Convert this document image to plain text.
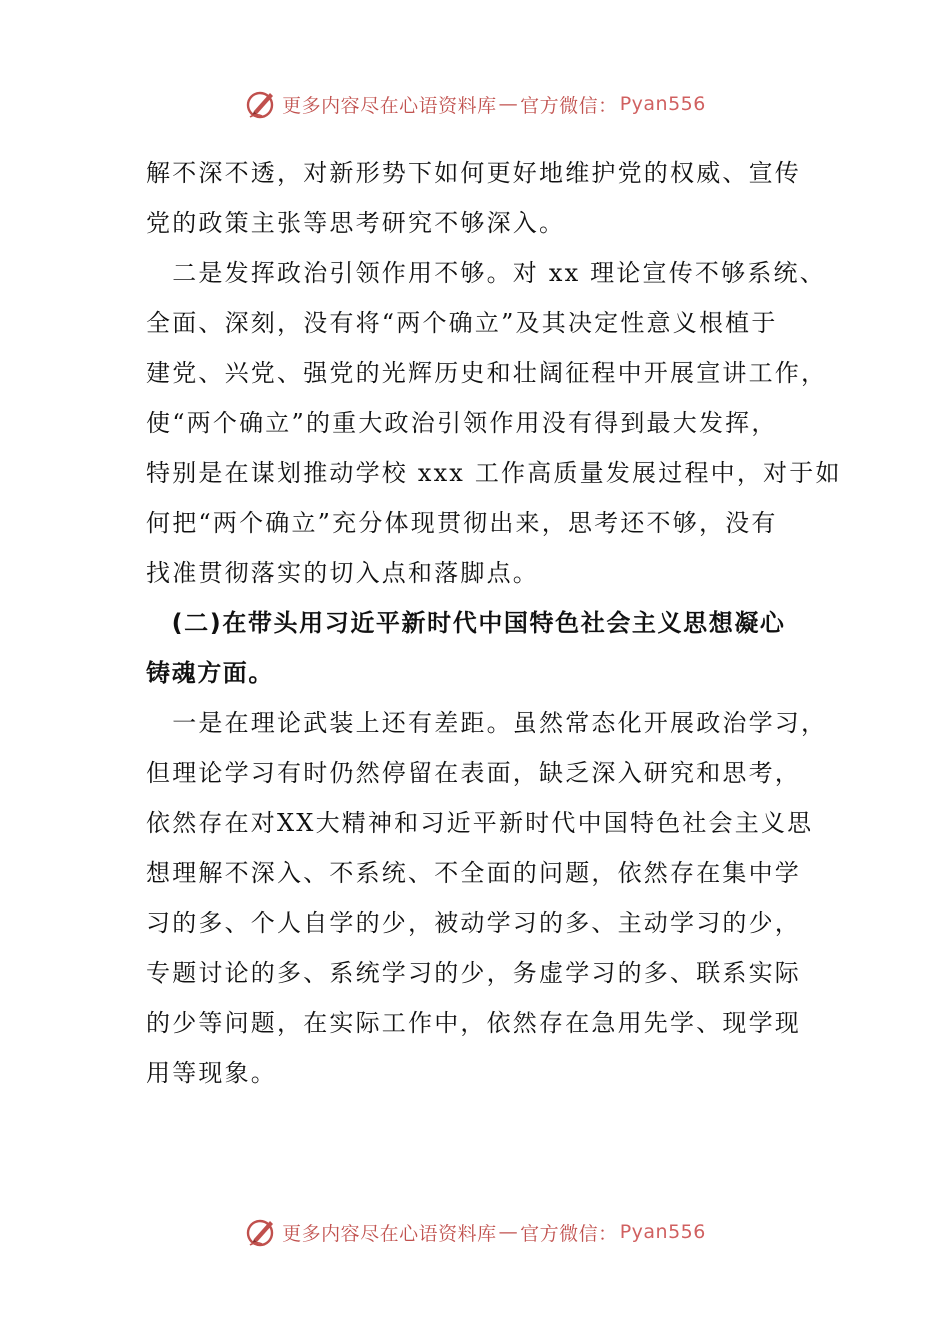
更多内容尽在心语资料库 — 官方微信： Pyan556

解不深不透，对新形势下如何更好地维护党的权威、宣传
党的政策主张等思考研究不够深入。

　二是发挥政治引领作用不够。对 xx 理论宣传不够系统、
全面、深刻，没有将“两个确立”及其决定性意义根植于
建党、兴党、强党的光辉历史和壮阔征程中开展宣讲工作，
使“两个确立”的重大政治引领作用没有得到最大发挥，
特别是在谋划推动学校 xxx 工作高质量发展过程中，对于如
何把“两个确立”充分体现贯彻出来，思考还不够，没有
找准贯彻落实的切入点和落脚点。

　(二)在带头用习近平新时代中国特色社会主义思想凝心
铸魂方面。

　一是在理论武装上还有差距。虽然常态化开展政治学习，
但理论学习有时仍然停留在表面，缺乏深入研究和思考，
依然存在对XX大精神和习近平新时代中国特色社会主义思
想理解不深入、不系统、不全面的问题，依然存在集中学
习的多、个人自学的少，被动学习的多、主动学习的少，
专题讨论的多、系统学习的少，务虚学习的多、联系实际
的少等问题，在实际工作中，依然存在急用先学、现学现
用等现象。

更多内容尽在心语资料库 — 官方微信： Pyan556
